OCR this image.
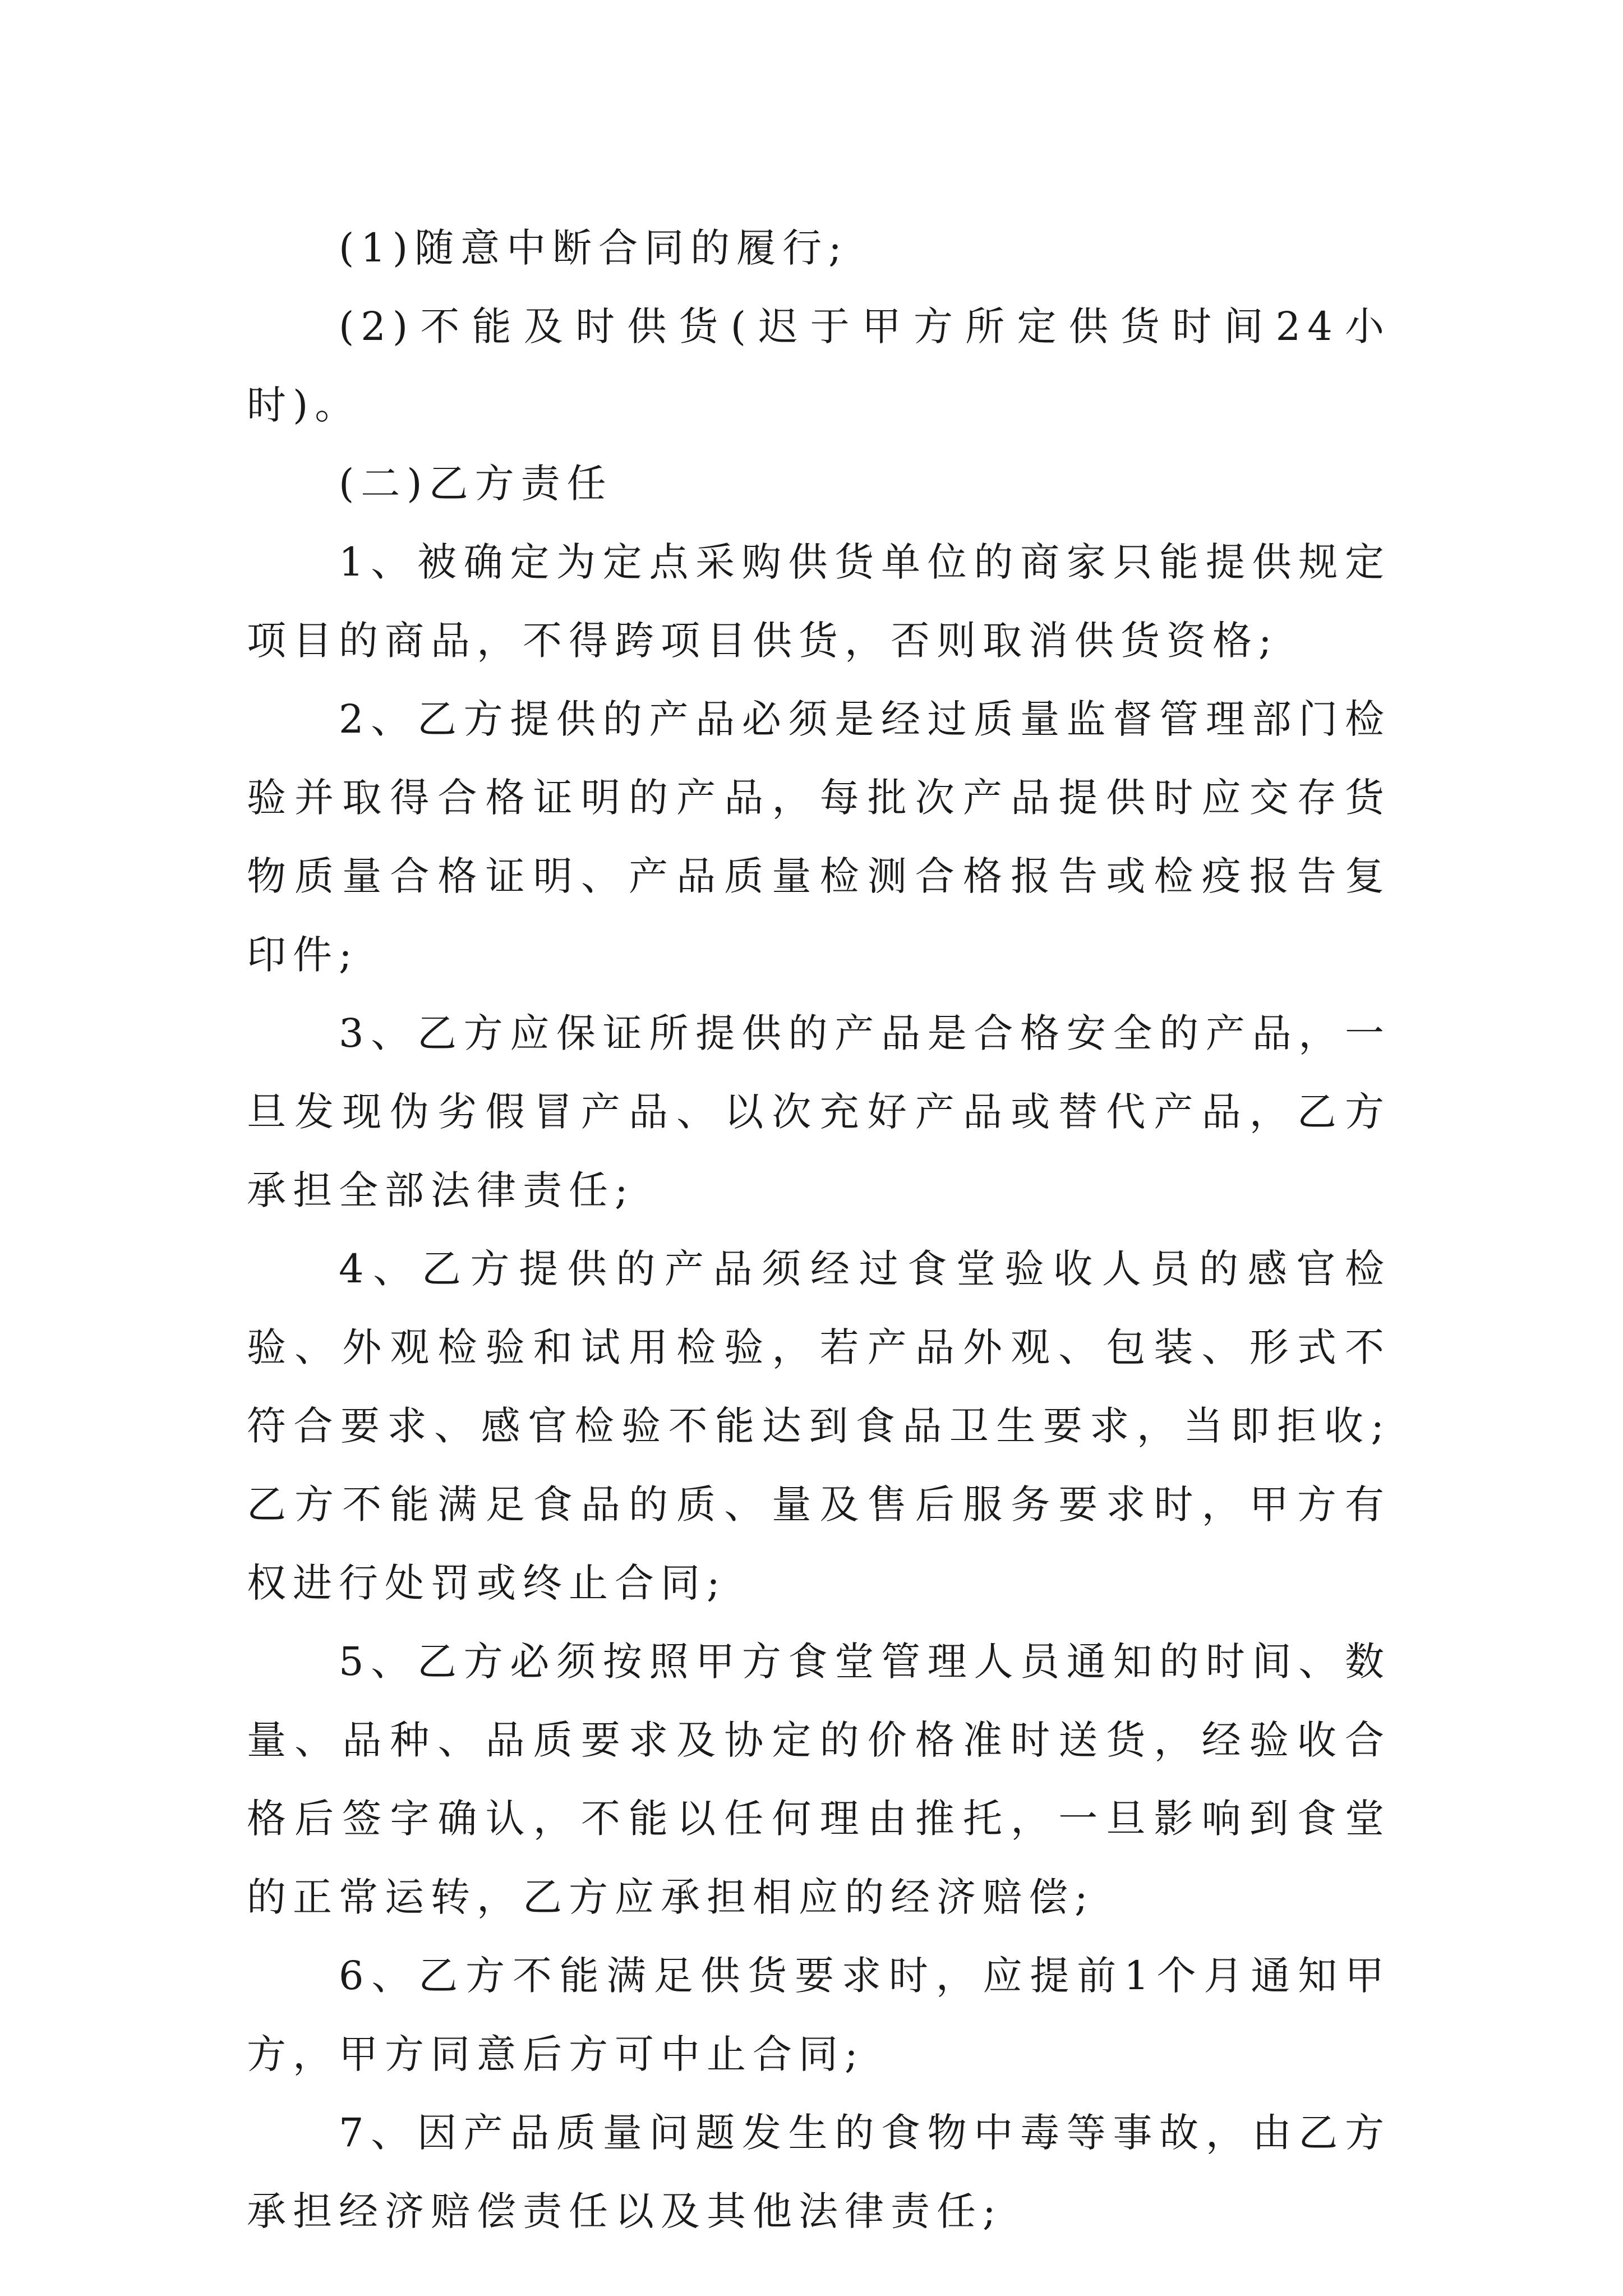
(1)随意中断合同的履行;

(2)不能及时供货(迟于甲方所定供货时间24小时)。

(二)乙方责任

1、被确定为定点采购供货单位的商家只能提供规定项目的商品，不得跨项目供货，否则取消供货资格;

2、乙方提供的产品必须是经过质量监督管理部门检验并取得合格证明的产品，每批次产品提供时应交存货物质量合格证明、产品质量检测合格报告或检疫报告复印件;

3、乙方应保证所提供的产品是合格安全的产品，一旦发现伪劣假冒产品、以次充好产品或替代产品，乙方承担全部法律责任;

4、乙方提供的产品须经过食堂验收人员的感官检验、外观检验和试用检验，若产品外观、包装、形式不符合要求、感官检验不能达到食品卫生要求，当即拒收;乙方不能满足食品的质、量及售后服务要求时，甲方有权进行处罚或终止合同;

5、乙方必须按照甲方食堂管理人员通知的时间、数量、品种、品质要求及协定的价格准时送货，经验收合格后签字确认，不能以任何理由推托，一旦影响到食堂的正常运转，乙方应承担相应的经济赔偿;

6、乙方不能满足供货要求时，应提前1个月通知甲方，甲方同意后方可中止合同;

7、因产品质量问题发生的食物中毒等事故，由乙方承担经济赔偿责任以及其他法律责任;
